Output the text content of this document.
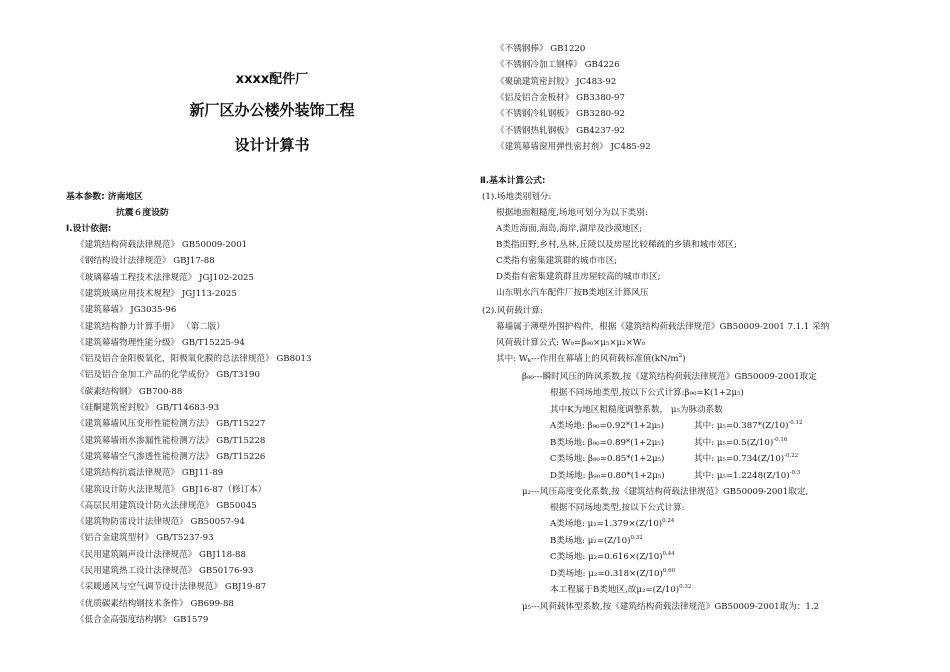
xxxx配件厂
新厂区办公楼外装饰工程
设计计算书
基本参数: 济南地区
抗震６度设防
Ⅰ.设计依据:
《建筑结构荷载法律规范》 GB50009-2001
《钢结构设计法律规范》 GBJ17-88
《玻璃幕墙工程技术法律规范》 JGJ102-2025
《建筑玻璃应用技术规程》 JGJ113-2025
《建筑幕墙》 JG3035-96
《建筑结构静力计算手册》 （第二版）
《建筑幕墙物理性能分级》 GB/T15225-94
《铝及铝合金阳极氧化，阳极氧化膜的总法律规范》 GB8013
《铝及铝合金加工产品的化学成份》 GB/T3190
《碳素结构钢》 GB700-88
《硅酮建筑密封胶》 GB/T14683-93
《建筑幕墙风压变形性能检测方法》 GB/T15227
《建筑幕墙雨水渗漏性能检测方法》 GB/T15228
《建筑幕墙空气渗透性能检测方法》 GB/T15226
《建筑结构抗震法律规范》 GBJ11-89
《建筑设计防火法律规范》 GBJ16-87（修订本）
《高层民用建筑设计防火法律规范》 GB50045
《建筑物防雷设计法律规范》 GB50057-94
《铝合金建筑型材》 GB/T5237-93
《民用建筑隔声设计法律规范》 GBJ118-88
《民用建筑热工设计法律规范》 GB50176-93
《采暖通风与空气调节设计法律规范》 GBJ19-87
《优质碳素结构钢技术条件》 GB699-88
《低合金高强度结构钢》 GB1579
《不锈钢棒》 GB1220
《不锈钢冷加工钢棒》 GB4226
《聚硫建筑密封胶》 JC483-92
《铝及铝合金板材》 GB3380-97
《不锈钢冷轧钢板》 GB3280-92
《不锈钢热轧钢板》 GB4237-92
《建筑幕墙窗用弹性密封剂》 JC485-92
Ⅱ.基本计算公式:
(1).场地类别划分:
根据地面粗糙度,场地可划分为以下类别:
A类近海面,海岛,海岸,湖岸及沙漠地区;
B类指田野,乡村,丛林,丘陵以及房屋比较稀疏的乡镇和城市郊区;
C类指有密集建筑群的城市市区;
D类指有密集建筑群且房屋较高的城市市区;
山东明水汽车配件厂按B类地区计算风压
(2).风荷载计算:
幕墙属于薄壁外围护构件，根据《建筑结构荷载法律规范》GB50009-2001 7.1.1 采纳
风荷载计算公式: W₀=β₉₀×μ₅×μ₂×W₀
其中: $W_k---$作用在幕墙上的风荷载标准值$(kN/m^2)$
β₉₀---瞬时风压的阵风系数,按《建筑结构荷载法律规范》GB50009-2001取定
根据不同场地类型,按以下公式计算:β₉₀=K(1+2μ₅)
其中K为地区粗糙度调整系数， μ₅为脉动系数
A类场地: β₉₀=0.92*(1+2μ₅)	其中: $\mu_5=0.387*(Z/10)^{-0.12}$
B类场地: β₉₀=0.89*(1+2μ₅)	其中: $\mu_5=0.5(Z/10)^{-0.16}$
C类场地: β₉₀=0.85*(1+2μ₅)	其中: $\mu_5=0.734(Z/10)^{-0.22}$
D类场地: β₉₀=0.80*(1+2μ₅)	其中: $\mu_5=1.2248(Z/10)^{-0.3}$
μ₂---风压高度变化系数,按《建筑结构荷载法律规范》GB50009-2001取定,
根据不同场地类型,按以下公式计算:
A类场地: $\mu_2=1.379\times(Z/10)^{0.24}$
B类场地: $\mu_2=(Z/10)^{0.32}$
C类场地: $\mu_2=0.616\times(Z/10)^{0.44}$
D类场地: $\mu_2=0.318\times(Z/10)^{0.60}$
本工程属于B类地区,故$\mu_2=(Z/10)^{0.32}$
μ₅---风荷载体型系数,按《建筑结构荷载法律规范》GB50009-2001取为：1.2
